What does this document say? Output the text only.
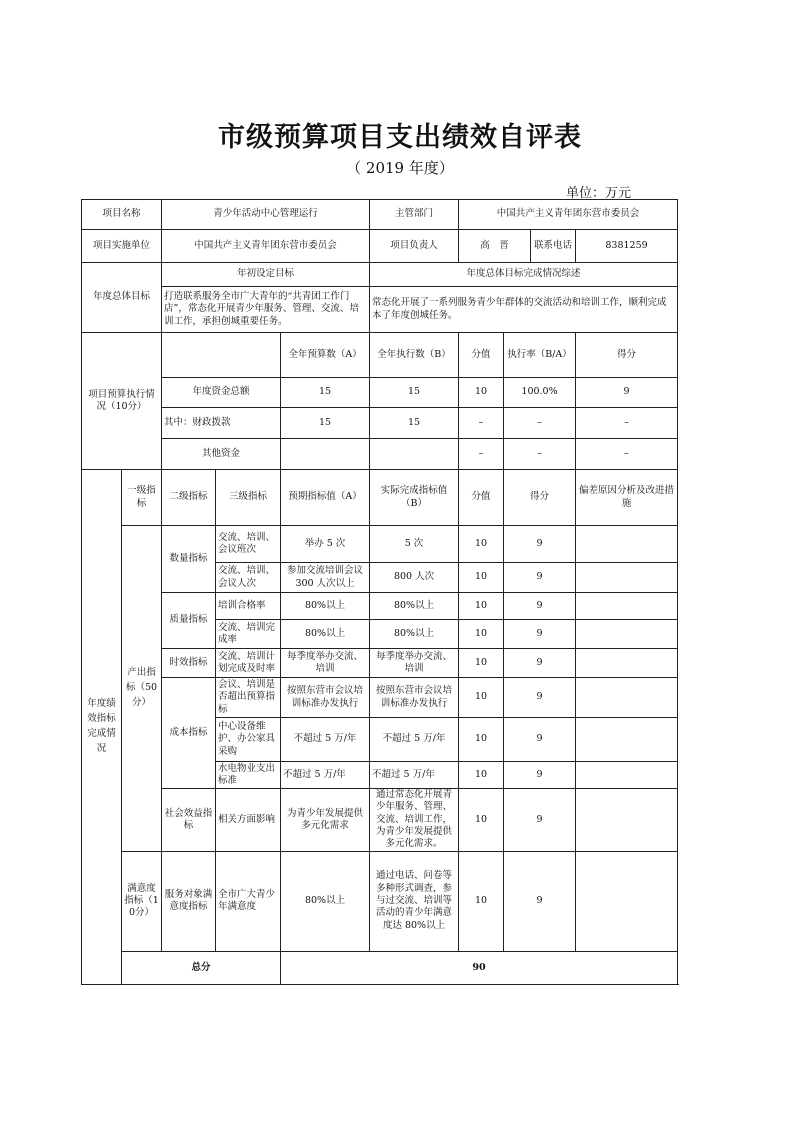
市级预算项目支出绩效自评表
（ 2019 年度）
单位：万元
项目名称		青少年活动中心管理运行			主管部门	中国共产主义青年团东营市委员会			
项目实施单位		中国共产主义青年团东营市委员会			项目负责人	高　晋		联系电话	8381259
年度总体目标		年初设定目标			年度总体目标完成情况综述				
		打造联系服务全市广大青年的“共青团工作门店”，常态化开展青少年服务、管理、交流、培训工作，承担创城重要任务。			常态化开展了一系列服务青少年群体的交流活动和培训工作，顺利完成本了年度创城任务。				
项目预算执行情况（10分）				全年预算数（A）	全年执行数（B）	分值	执行率（B/A）		得分
		年度资金总额		15	15	10	100.0%		9
		其中：财政拨款		15	15	–	–		–
		其他资金				–	–		–
年度绩效指标完成情况	一级指标	二级指标	三级指标	预期指标值（A）	实际完成指标值（B）	分值	得分		偏差原因分析及改进措施
	产出指标（50分）	数量指标	交流、培训、会议班次	举办 5 次	5 次	10	9		
			交流、培训、会议人次	参加交流培训会议 300 人次以上	800 人次	10	9		
		质量指标	培训合格率	80%以上	80%以上	10	9		
			交流、培训完成率	80%以上	80%以上	10	9		
		时效指标	交流、培训计划完成及时率	每季度举办交流、培训	每季度举办交流、培训	10	9		
		成本指标	会议、培训是否超出预算指标	按照东营市会议培训标准办发执行	按照东营市会议培训标准办发执行	10	9		
			中心设备维护、办公家具采购	不超过 5 万/年	不超过 5 万/年	10	9		
			水电物业支出标准	不超过 5 万/年	不超过 5 万/年	10	9		
		社会效益指标	相关方面影响	为青少年发展提供多元化需求	通过常态化开展青少年服务、管理、交流、培训工作，为青少年发展提供多元化需求。	10	9		
	满意度指标（10分）	服务对象满意度指标	全市广大青少年满意度	80%以上	通过电话、问卷等多种形式调查，参与过交流、培训等活动的青少年满意度达 80%以上	10	9		
	总分			90					
